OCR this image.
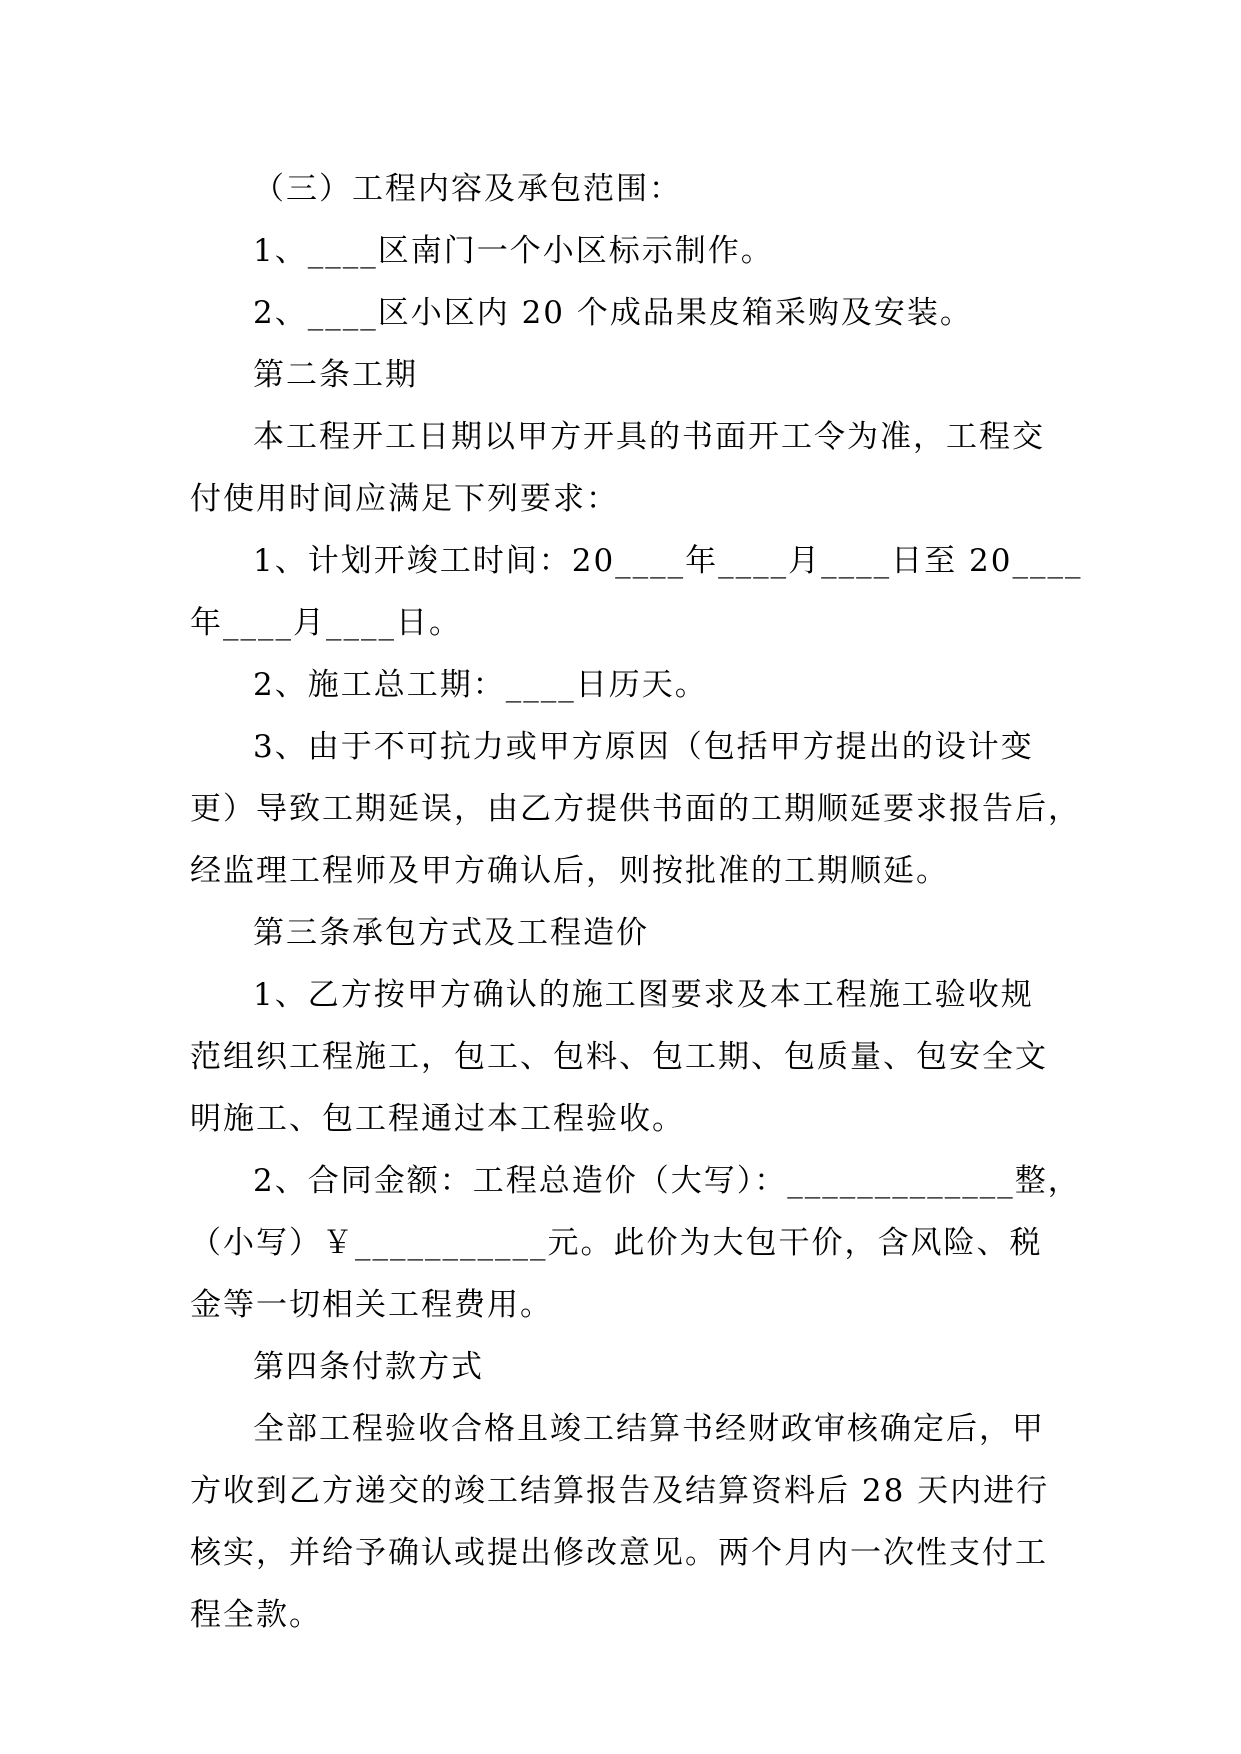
（三）工程内容及承包范围：

1、____区南门一个小区标示制作。

2、____区小区内 20 个成品果皮箱采购及安装。

第二条工期

本工程开工日期以甲方开具的书面开工令为准，工程交

付使用时间应满足下列要求：

1、计划开竣工时间：20____年____月____日至 20____

年____月____日。

2、施工总工期：____日历天。

3、由于不可抗力或甲方原因（包括甲方提出的设计变

更）导致工期延误，由乙方提供书面的工期顺延要求报告后，

经监理工程师及甲方确认后，则按批准的工期顺延。

第三条承包方式及工程造价

1、乙方按甲方确认的施工图要求及本工程施工验收规

范组织工程施工，包工、包料、包工期、包质量、包安全文

明施工、包工程通过本工程验收。

2、合同金额：工程总造价（大写）：_____________整，

（小写）￥___________元。此价为大包干价，含风险、税

金等一切相关工程费用。

第四条付款方式

全部工程验收合格且竣工结算书经财政审核确定后，甲

方收到乙方递交的竣工结算报告及结算资料后 28 天内进行

核实，并给予确认或提出修改意见。两个月内一次性支付工

程全款。
